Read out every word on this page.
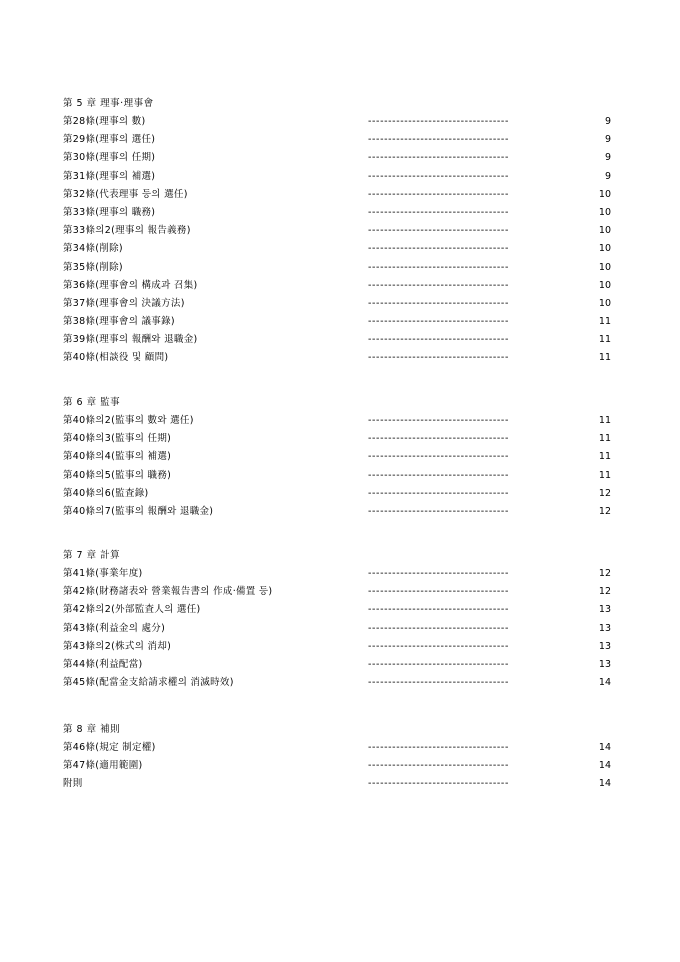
第 5 章 理事·理事會
第28條(理事의 數)	-----------------------------------	9
第29條(理事의 選任)	-----------------------------------	9
第30條(理事의 任期)	-----------------------------------	9
第31條(理事의 補選)	-----------------------------------	9
第32條(代表理事 등의 選任)	-----------------------------------	10
第33條(理事의 職務)	-----------------------------------	10
第33條의2(理事의 報告義務)	-----------------------------------	10
第34條(削除)	-----------------------------------	10
第35條(削除)	-----------------------------------	10
第36條(理事會의 構成과 召集)	-----------------------------------	10
第37條(理事會의 決議方法)	-----------------------------------	10
第38條(理事會의 議事錄)	-----------------------------------	11
第39條(理事의 報酬와 退職金)	-----------------------------------	11
第40條(相談役 및 顧問)	-----------------------------------	11
第 6 章 監事
第40條의2(監事의 數와 選任)	-----------------------------------	11
第40條의3(監事의 任期)	-----------------------------------	11
第40條의4(監事의 補選)	-----------------------------------	11
第40條의5(監事의 職務)	-----------------------------------	11
第40條의6(監査錄)	-----------------------------------	12
第40條의7(監事의 報酬와 退職金)	-----------------------------------	12
第 7 章 計算
第41條(事業年度)	-----------------------------------	12
第42條(財務諸表와 營業報告書의 作成·備置 등)	-----------------------------------	12
第42條의2(外部監査人의 選任)	-----------------------------------	13
第43條(利益金의 處分)	-----------------------------------	13
第43條의2(株式의 消却)	-----------------------------------	13
第44條(利益配當)	-----------------------------------	13
第45條(配當金支給請求權의 消滅時效)	-----------------------------------	14
第 8 章 補則
第46條(規定 制定權)	-----------------------------------	14
第47條(適用範圍)	-----------------------------------	14
附則	-----------------------------------	14
